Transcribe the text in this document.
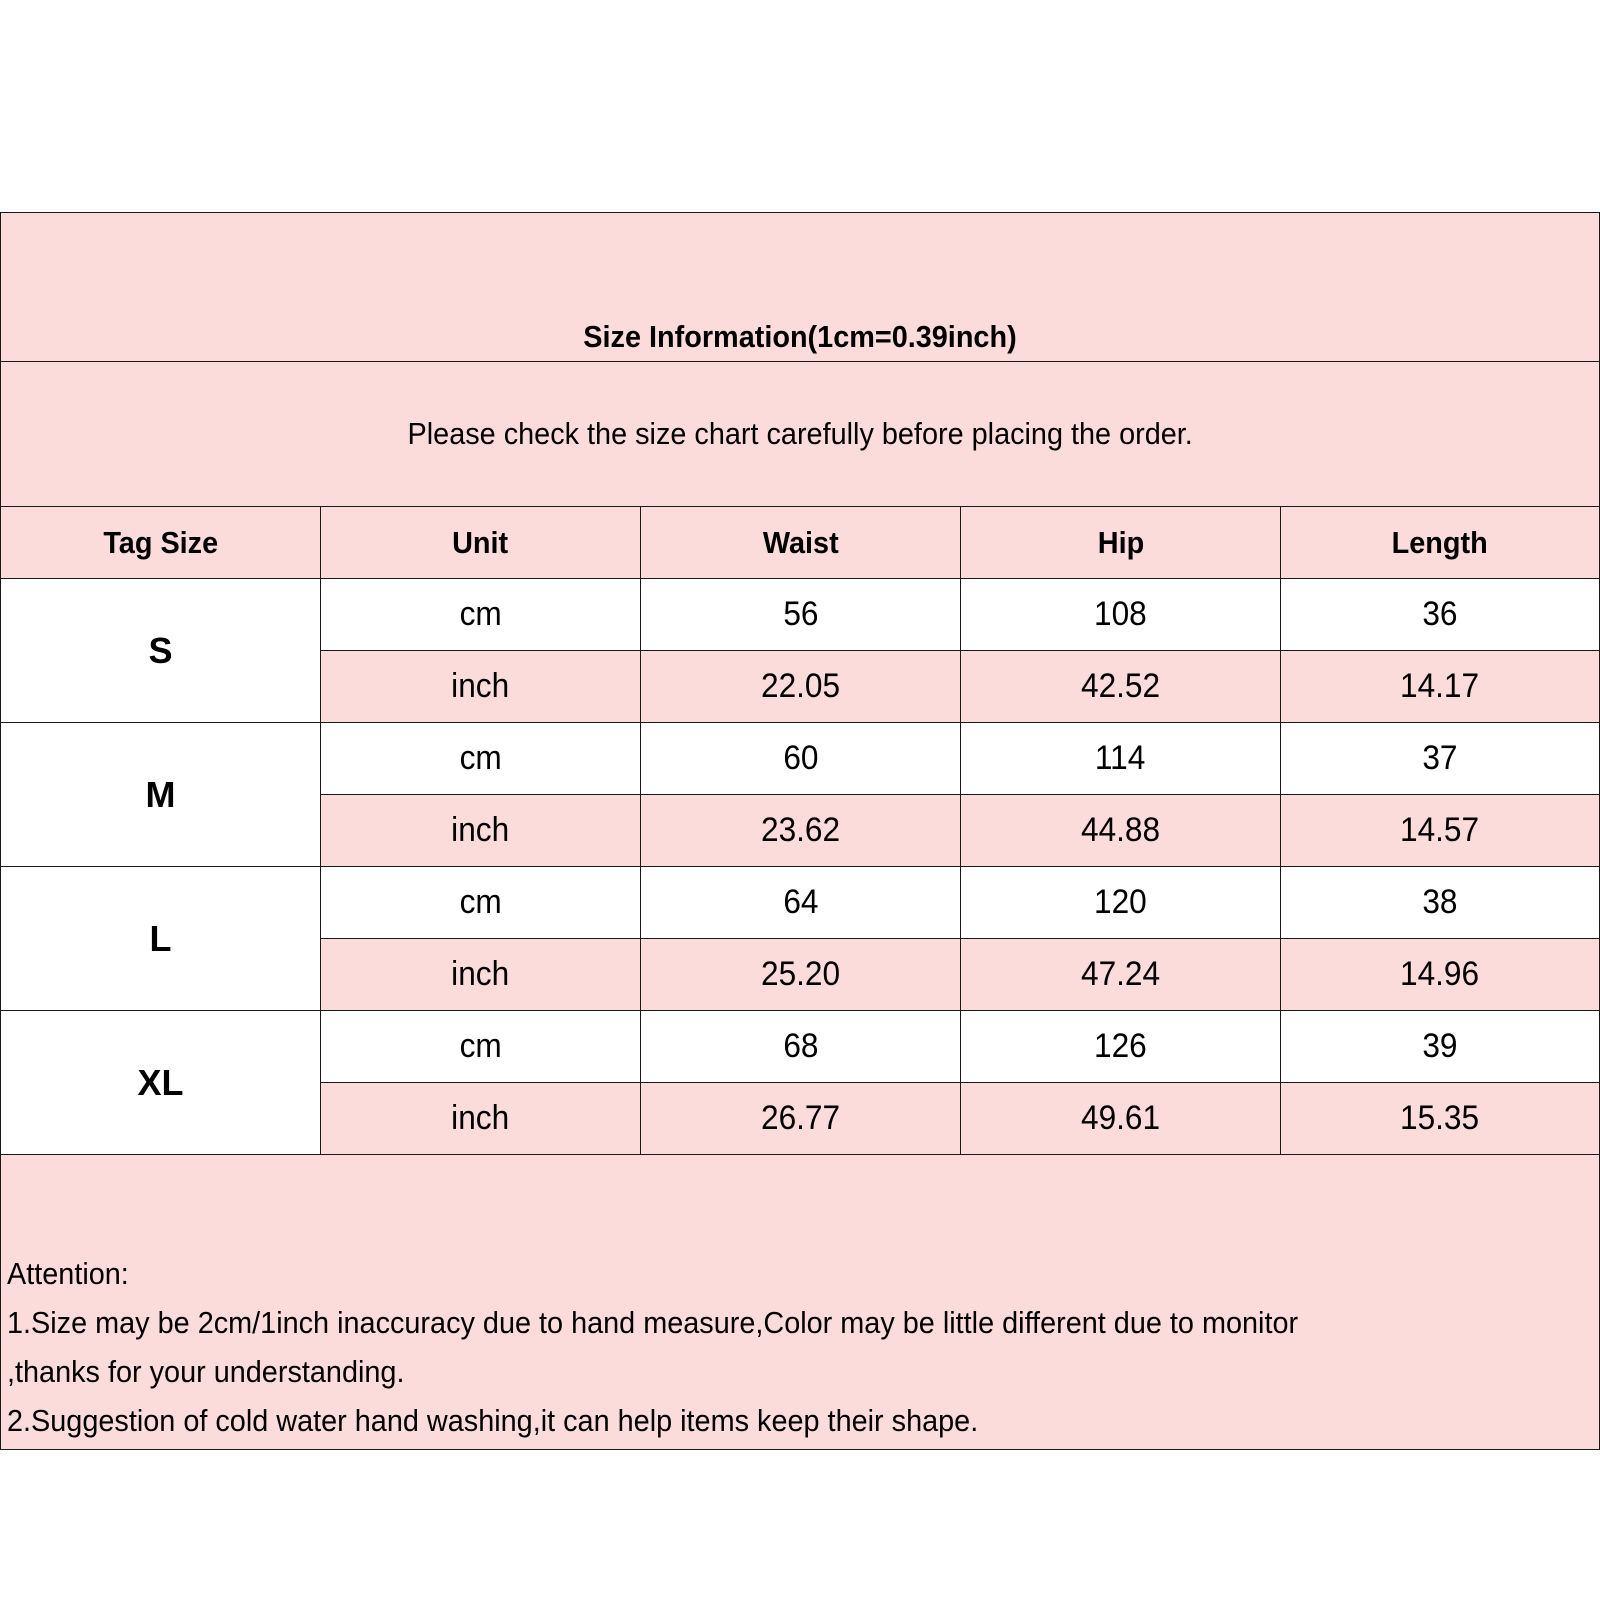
Size Information(1cm=0.39inch)				
Please check the size chart carefully before placing the order.				
Tag Size	Unit	Waist	Hip	Length
S	cm	56	108	36
	inch	22.05	42.52	14.17
M	cm	60	114	37
	inch	23.62	44.88	14.57
L	cm	64	120	38
	inch	25.20	47.24	14.96
XL	cm	68	126	39
	inch	26.77	49.61	15.35

Attention:
1.Size may be 2cm/1inch inaccuracy due to hand measure,Color may be little different due to monitor
,thanks for your understanding.
2.Suggestion of cold water hand washing,it can help items keep their shape.				
